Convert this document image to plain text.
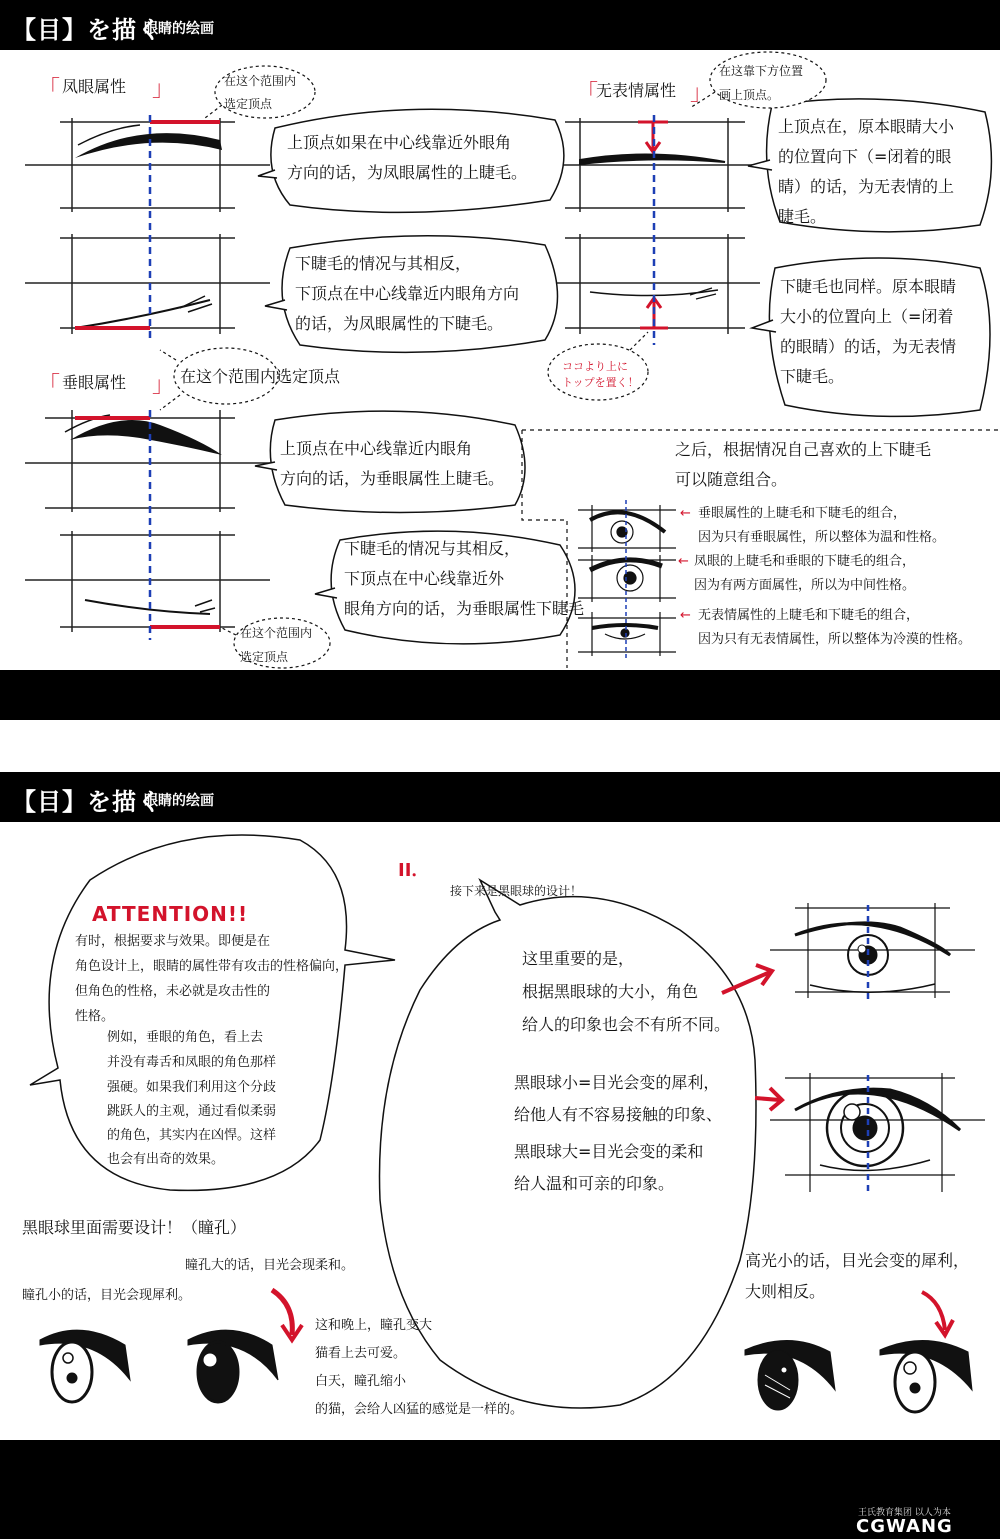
【目】を描く
眼睛的绘画
「 凤眼属性 」	在这个范围内
选定顶点
上顶点如果在中心线靠近外眼角
方向的话，为凤眼属性的上睫毛。
下睫毛的情况与其相反，
下顶点在中心线靠近内眼角方向
的话，为凤眼属性的下睫毛。
「 垂眼属性 」 在这个范围内选定顶点
上顶点在中心线靠近内眼角
方向的话，为垂眼属性上睫毛。
下睫毛的情况与其相反，
下顶点在中心线靠近外
眼角方向的话，为垂眼属性下睫毛
在这个范围内
选定顶点
「
无表情属性 」
在这靠下方位置
画上顶点。
上顶点在，原本眼睛大小
的位置向下（=闭着的眼
睛）的话，为无表情的上
睫毛。
下睫毛也同样。原本眼睛
大小的位置向上（=闭着
的眼睛）的话，为无表情
下睫毛。
ココより上に
トップを置く！
之后，根据情况自己喜欢的上下睫毛
可以随意组合。
← 垂眼属性的上睫毛和下睫毛的组合，
因为只有垂眼属性，所以整体为温和性格。
← 凤眼的上睫毛和垂眼的下睫毛的组合，
因为有两方面属性，所以为中间性格。
← 无表情属性的上睫毛和下睫毛的组合，
因为只有无表情属性，所以整体为冷漠的性格。
【目】を描く
眼睛的绘画
ATTENTION!!
有时，根据要求与效果。即便是在
角色设计上，眼睛的属性带有攻击的性格偏向，
但角色的性格，未必就是攻击性的
性格。
例如，垂眼的角色，看上去
并没有毒舌和凤眼的角色那样
强硬。如果我们利用这个分歧
跳跃人的主观，通过看似柔弱
的角色，其实内在凶悍。这样
也会有出奇的效果。
II．
接下来是黑眼球的设计！
这里重要的是，
根据黑眼球的大小，角色
给人的印象也会不有所不同。
黑眼球小=目光会变的犀利，
给他人有不容易接触的印象、
黑眼球大=目光会变的柔和
给人温和可亲的印象。
黑眼球里面需要设计！（瞳孔）
瞳孔大的话，目光会现柔和。
瞳孔小的话，目光会现犀利。
这和晚上，瞳孔变大
猫看上去可爱。
白天，瞳孔缩小
的猫，会给人凶猛的感觉是一样的。
高光小的话，目光会变的犀利，
大则相反。
王氏教育集团 以人为本
CGWANG
